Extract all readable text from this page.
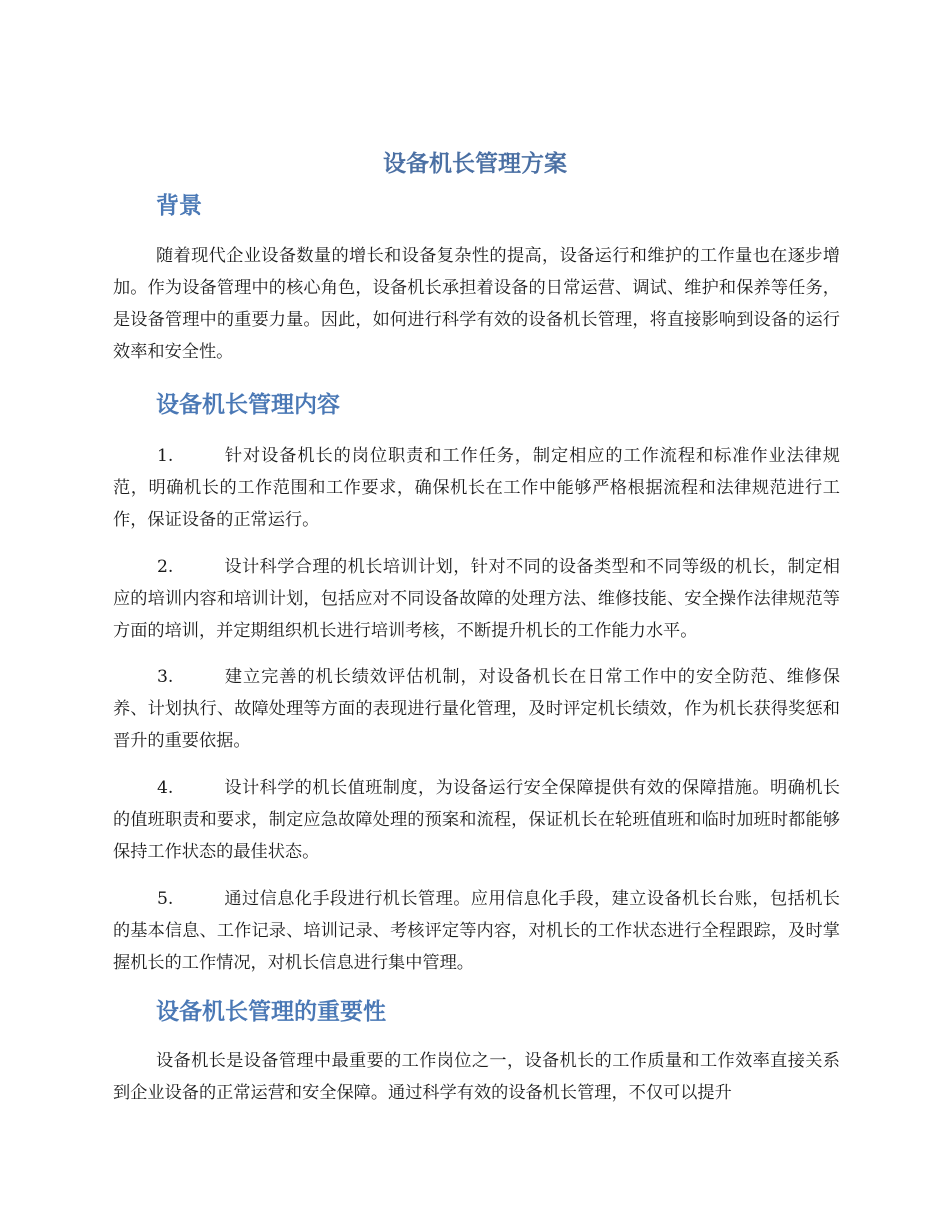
设备机长管理方案
背景

随着现代企业设备数量的增长和设备复杂性的提高，设备运行和维护的工作量也在逐步增加。作为设备管理中的核心角色，设备机长承担着设备的日常运营、调试、维护和保养等任务，是设备管理中的重要力量。因此，如何进行科学有效的设备机长管理，将直接影响到设备的运行效率和安全性。

设备机长管理内容

1.	针对设备机长的岗位职责和工作任务，制定相应的工作流程和标准作业法律规范，明确机长的工作范围和工作要求，确保机长在工作中能够严格根据流程和法律规范进行工作，保证设备的正常运行。

2.	设计科学合理的机长培训计划，针对不同的设备类型和不同等级的机长，制定相应的培训内容和培训计划，包括应对不同设备故障的处理方法、维修技能、安全操作法律规范等方面的培训，并定期组织机长进行培训考核，不断提升机长的工作能力水平。

3.	建立完善的机长绩效评估机制，对设备机长在日常工作中的安全防范、维修保养、计划执行、故障处理等方面的表现进行量化管理，及时评定机长绩效，作为机长获得奖惩和晋升的重要依据。

4.	设计科学的机长值班制度，为设备运行安全保障提供有效的保障措施。明确机长的值班职责和要求，制定应急故障处理的预案和流程，保证机长在轮班值班和临时加班时都能够保持工作状态的最佳状态。

5.	通过信息化手段进行机长管理。应用信息化手段，建立设备机长台账，包括机长的基本信息、工作记录、培训记录、考核评定等内容，对机长的工作状态进行全程跟踪，及时掌握机长的工作情况，对机长信息进行集中管理。

设备机长管理的重要性

设备机长是设备管理中最重要的工作岗位之一，设备机长的工作质量和工作效率直接关系到企业设备的正常运营和安全保障。通过科学有效的设备机长管理，不仅可以提升
